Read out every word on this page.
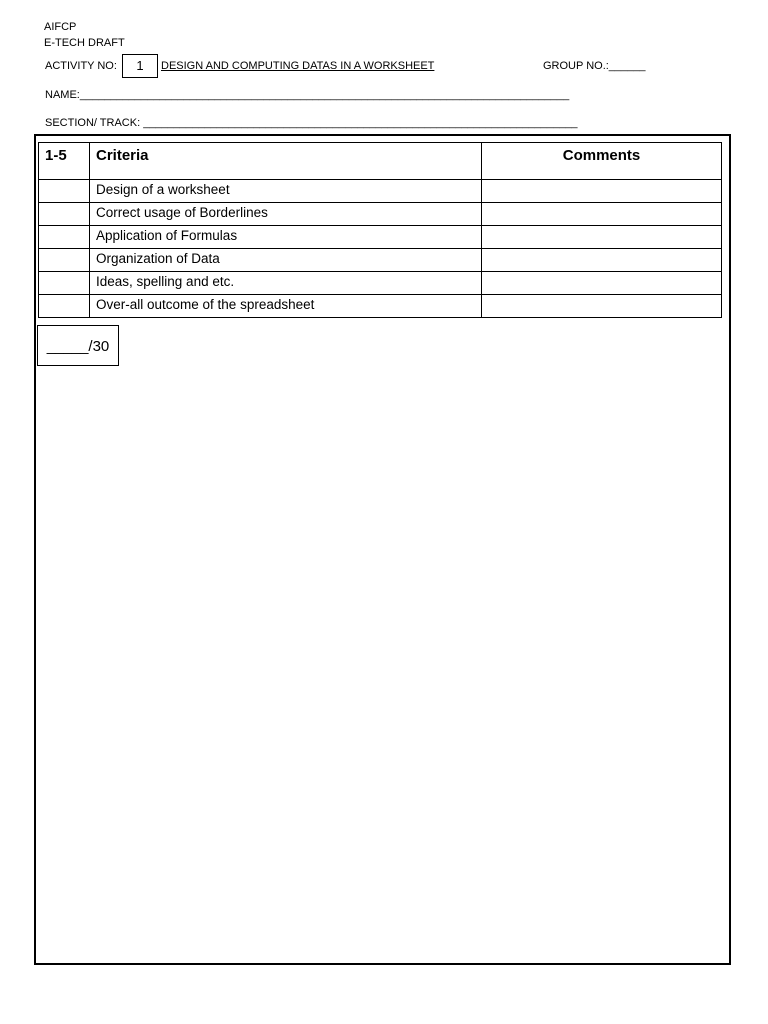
AIFCP
E-TECH DRAFT
ACTIVITY NO:	1	DESIGN AND COMPUTING DATAS IN A WORKSHEET	GROUP NO.:______
NAME:________________________________________________________________________________
SECTION/ TRACK: _______________________________________________________________________
1-5	Criteria	Comments
	Design of a worksheet	
	Correct usage of Borderlines	
	Application of Formulas	
	Organization of Data	
	Ideas, spelling and etc.	
	Over-all outcome of the spreadsheet	
_____/30
